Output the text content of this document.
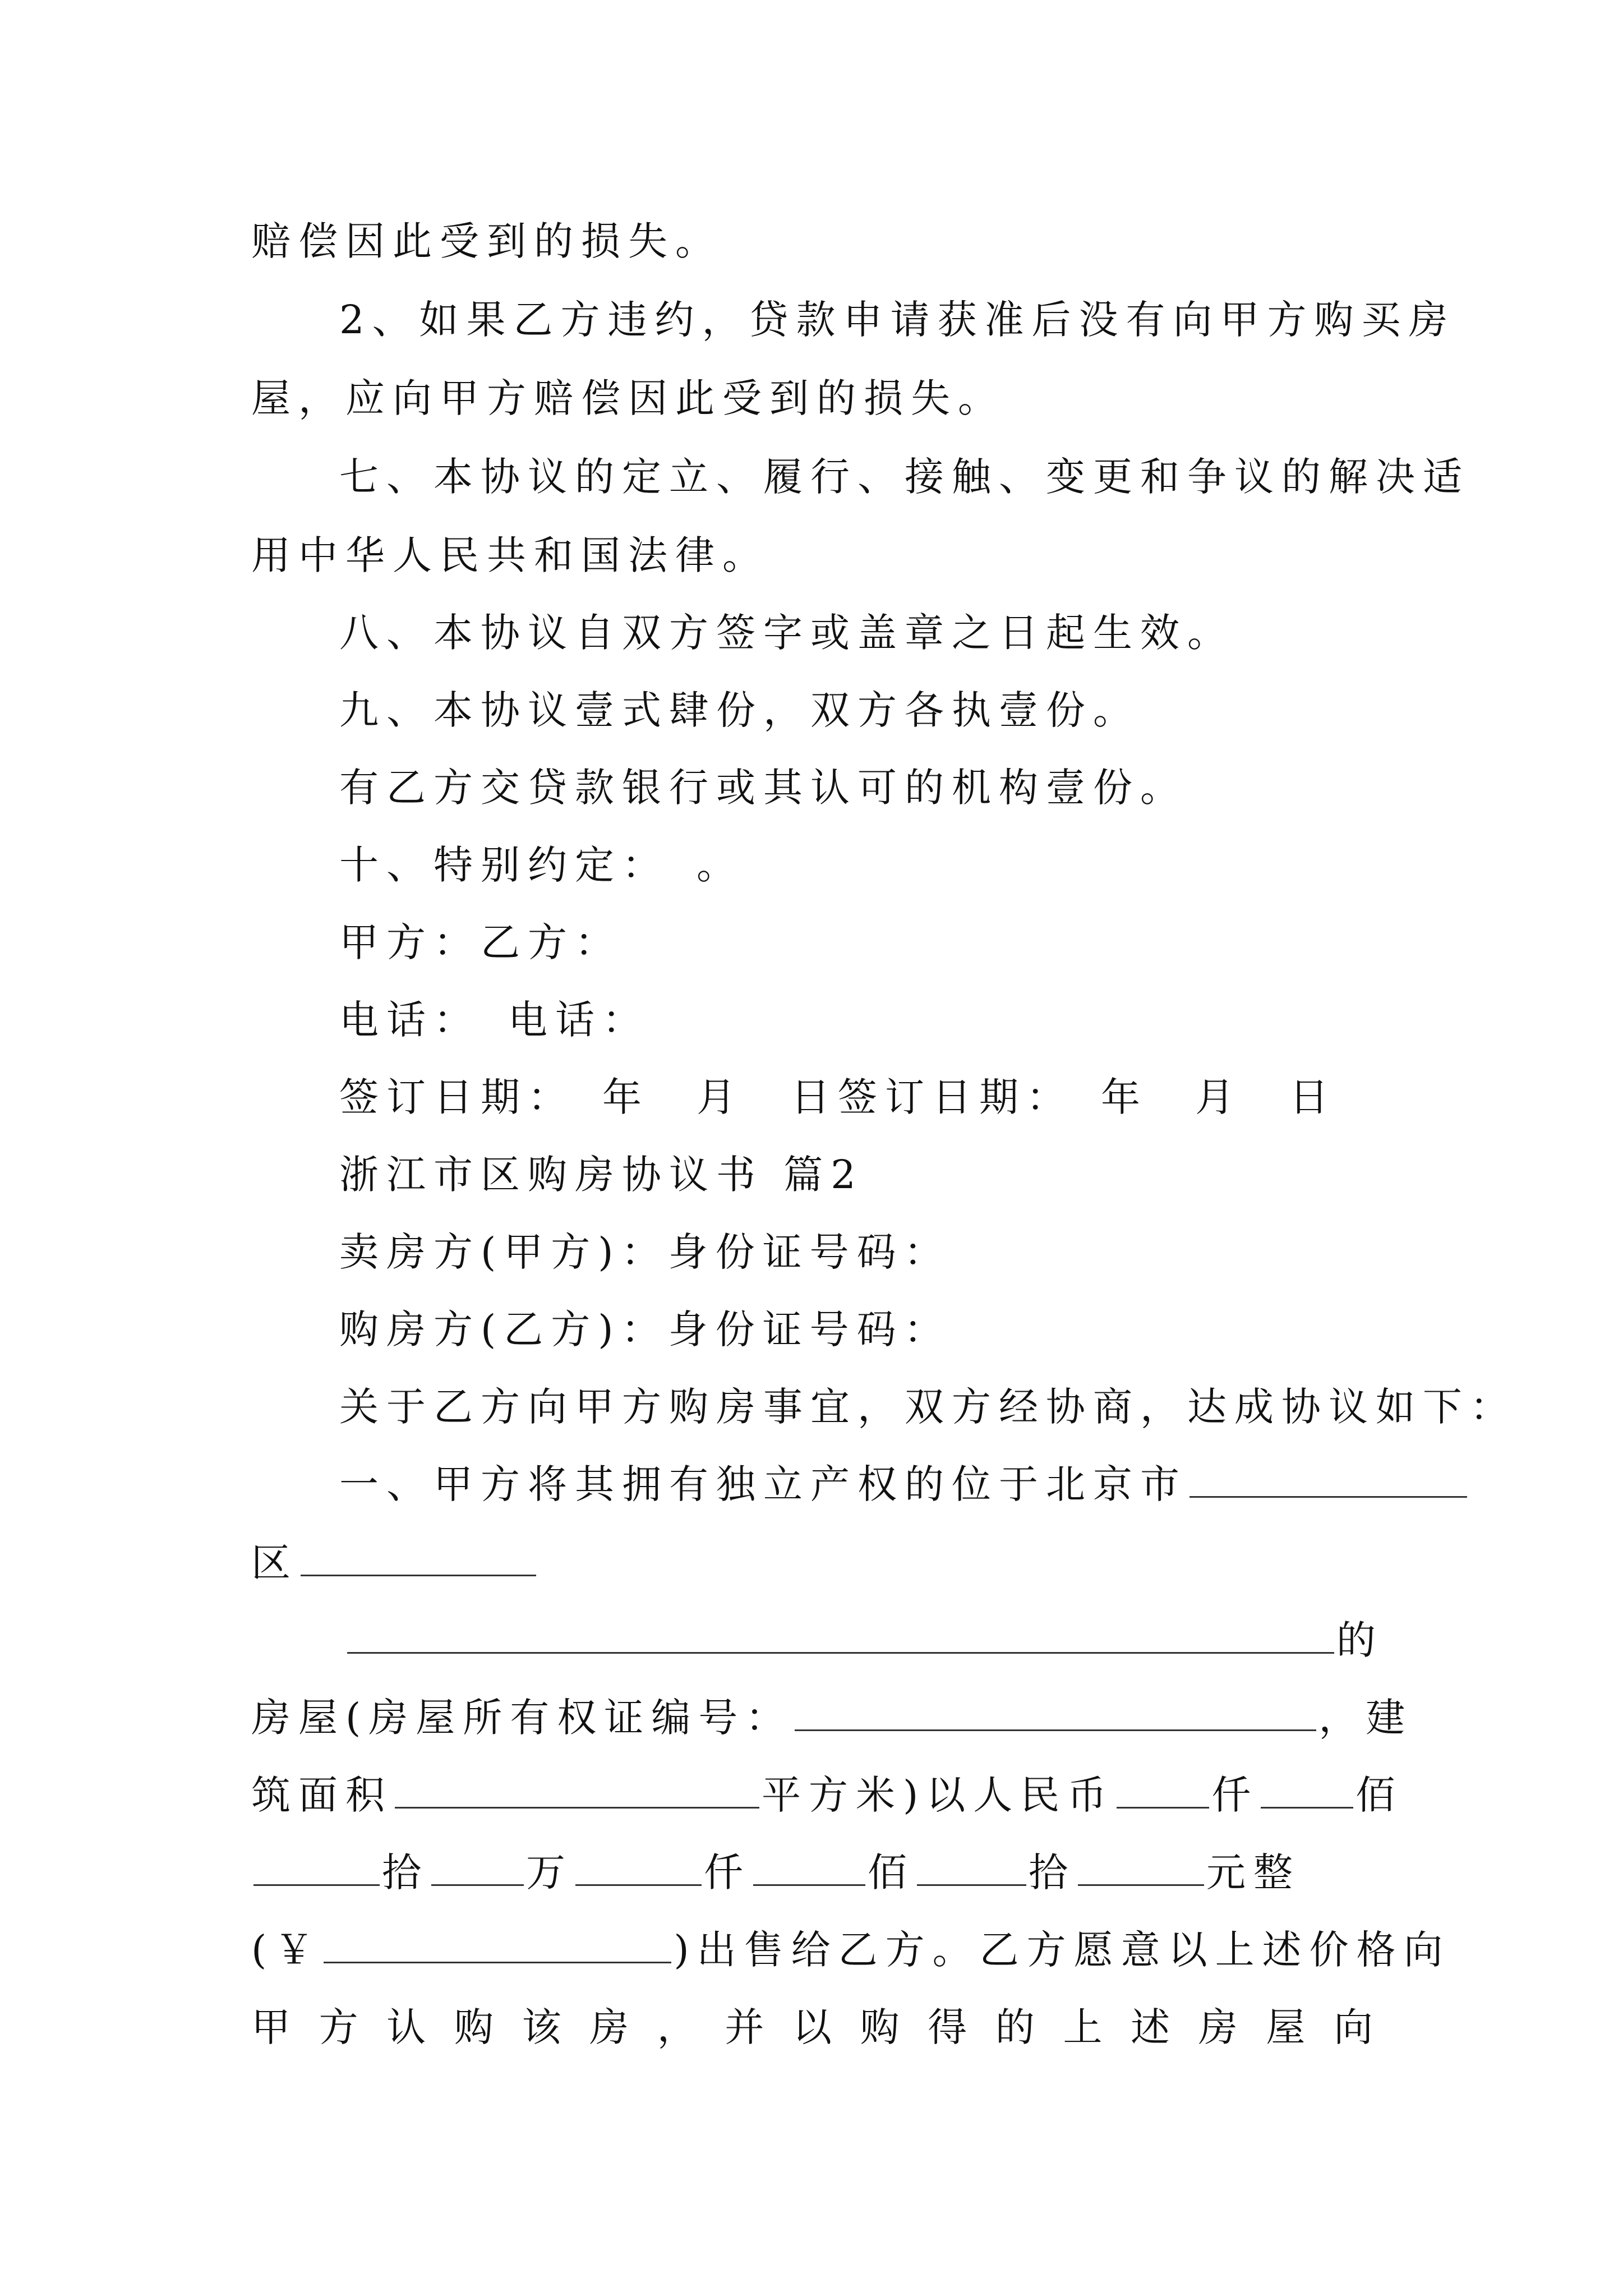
赔偿因此受到的损失。
2、如果乙方违约，贷款申请获准后没有向甲方购买房
屋，应向甲方赔偿因此受到的损失。
七、本协议的定立、履行、接触、变更和争议的解决适
用中华人民共和国法律。
八、本协议自双方签字或盖章之日起生效。
九、本协议壹式肆份，双方各执壹份。
有乙方交贷款银行或其认可的机构壹份。
十、特别约定：　。
甲方：乙方：
电话：　电话：
签订日期：　年　月　日签订日期：　年　月　日
浙江市区购房协议书 篇2
卖房方(甲方)：身份证号码：
购房方(乙方)：身份证号码：
关于乙方向甲方购房事宜，双方经协商，达成协议如下：
一、甲方将其拥有独立产权的位于北京市
区
的
房屋(房屋所有权证编号：	，建
筑面积	平方米)以人民币 仟 佰
拾 万	仟	佰	拾	元整
(￥	)出售给乙方。乙方愿意以上述价格向
甲 方 认 购 该 房 ， 并 以 购 得 的 上 述 房 屋 向
